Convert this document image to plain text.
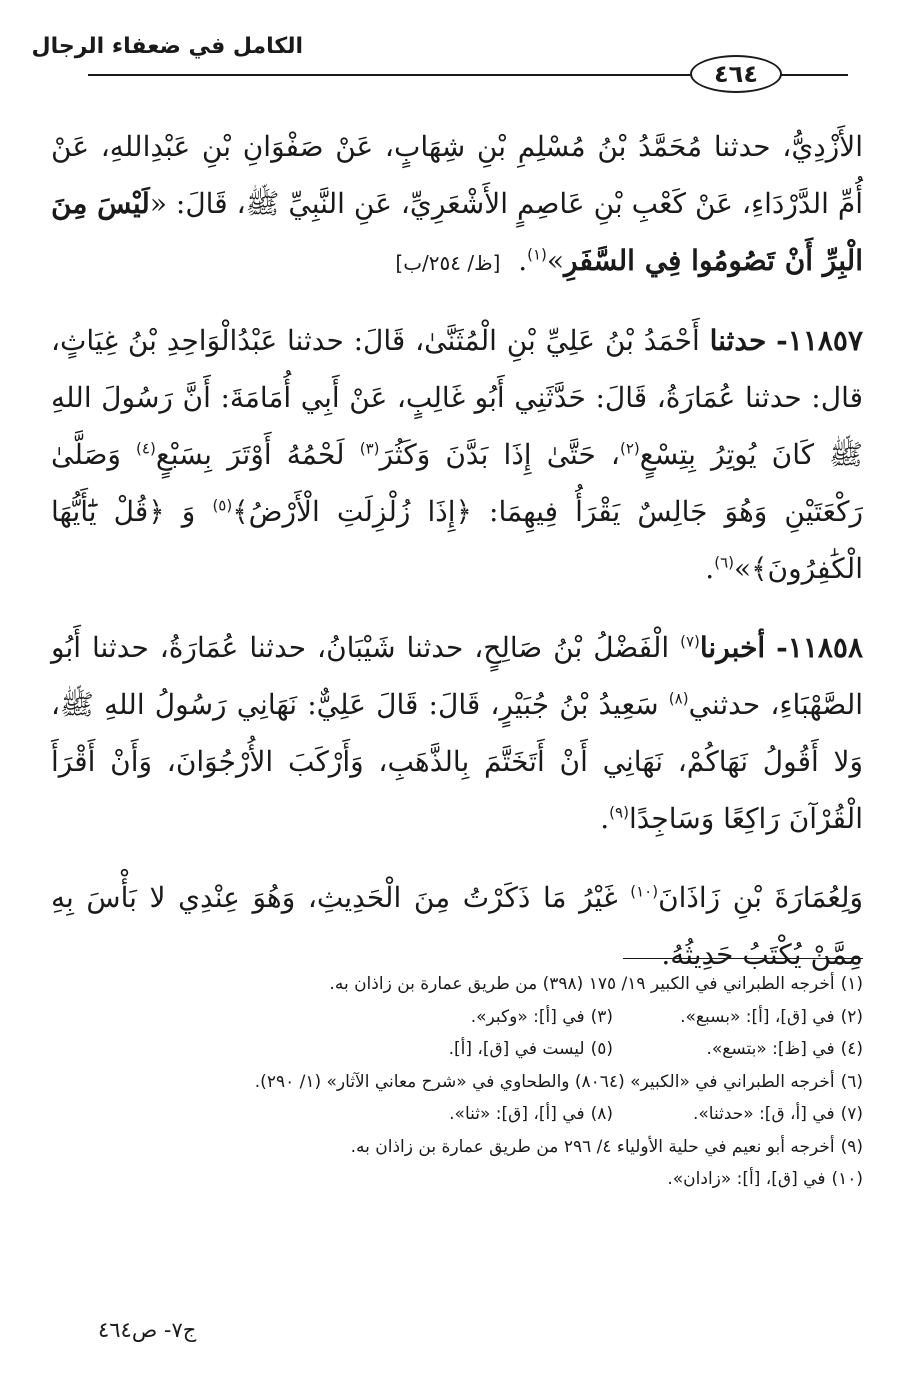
الكامل في ضعفاء الرجال
٤٦٤

الأَزْدِيُّ، حدثنا مُحَمَّدُ بْنُ مُسْلِمِ بْنِ شِهَابٍ، عَنْ صَفْوَانِ بْنِ عَبْدِاللهِ، عَنْ أُمِّ الدَّرْدَاءِ، عَنْ كَعْبِ بْنِ عَاصِمٍ الأَشْعَرِيِّ، عَنِ النَّبِيِّ ﷺ، قَالَ: «لَيْسَ مِنَ الْبِرِّ أَنْ تَصُومُوا فِي السَّفَرِ»$^{(١)}$.  [ظ/ ٢٥٤/ب]

١١٨٥٧- حدثنا أَحْمَدُ بْنُ عَلِيِّ بْنِ الْمُثَنَّىٰ، قَالَ: حدثنا عَبْدُالْوَاحِدِ بْنُ غِيَاثٍ، قال: حدثنا عُمَارَةُ، قَالَ: حَدَّثَنِي أَبُو غَالِبٍ، عَنْ أَبِي أُمَامَةَ: أَنَّ رَسُولَ اللهِ ﷺ كَانَ يُوتِرُ بِتِسْعٍ$^{(٢)}$، حَتَّىٰ إِذَا بَدَّنَ وَكَثُرَ$^{(٣)}$ لَحْمُهُ أَوْتَرَ بِسَبْعٍ$^{(٤)}$ وَصَلَّىٰ رَكْعَتَيْنِ وَهُوَ جَالِسٌ يَقْرَأُ فِيهِمَا: ﴿إِذَا زُلْزِلَتِ الْأَرْضُ﴾$^{(٥)}$ وَ ﴿قُلْ يَٰٓأَيُّهَا الْكَٰفِرُونَ﴾»$^{(٦)}$.

١١٨٥٨- أخبرنا$^{(٧)}$ الْفَضْلُ بْنُ صَالِحٍ، حدثنا شَيْبَانُ، حدثنا عُمَارَةُ، حدثنا أَبُو الصَّهْبَاءِ، حدثني$^{(٨)}$ سَعِيدُ بْنُ جُبَيْرٍ، قَالَ: قَالَ عَلِيٌّ: نَهَانِي رَسُولُ اللهِ ﷺ، وَلا أَقُولُ نَهَاكُمْ، نَهَانِي أَنْ أَتَخَتَّمَ بِالذَّهَبِ، وَأَرْكَبَ الأُرْجُوَانَ، وَأَنْ أَقْرَأَ الْقُرْآنَ رَاكِعًا وَسَاجِدًا$^{(٩)}$.

وَلِعُمَارَةَ بْنِ زَاذَانَ$^{(١٠)}$ غَيْرُ مَا ذَكَرْتُ مِنَ الْحَدِيثِ، وَهُوَ عِنْدِي لا بَأْسَ بِهِ مِمَّنْ يُكْتَبُ حَدِيثُهُ.

(١)أخرجه الطبراني في الكبير ١٩/ ١٧٥ (٣٩٨) من طريق عمارة بن زاذان به.
(٢)في [ق]، [أ]: «بسبع».
(٣)في [أ]: «وكبر».
(٤)في [ظ]: «بتسع».
(٥)ليست في [ق]، [أ].
(٦)أخرجه الطبراني في «الكبير» (٨٠٦٤) والطحاوي في «شرح معاني الآثار» (١/ ٢٩٠).
(٧)في [أ، ق]: «حدثنا».
(٨)في [أ]، [ق]: «ثنا».
(٩)أخرجه أبو نعيم في حلية الأولياء ٤/ ٢٩٦ من طريق عمارة بن زاذان به.
(١٠)في [ق]، [أ]: «زادان».
ج٧- ص٤٦٤
